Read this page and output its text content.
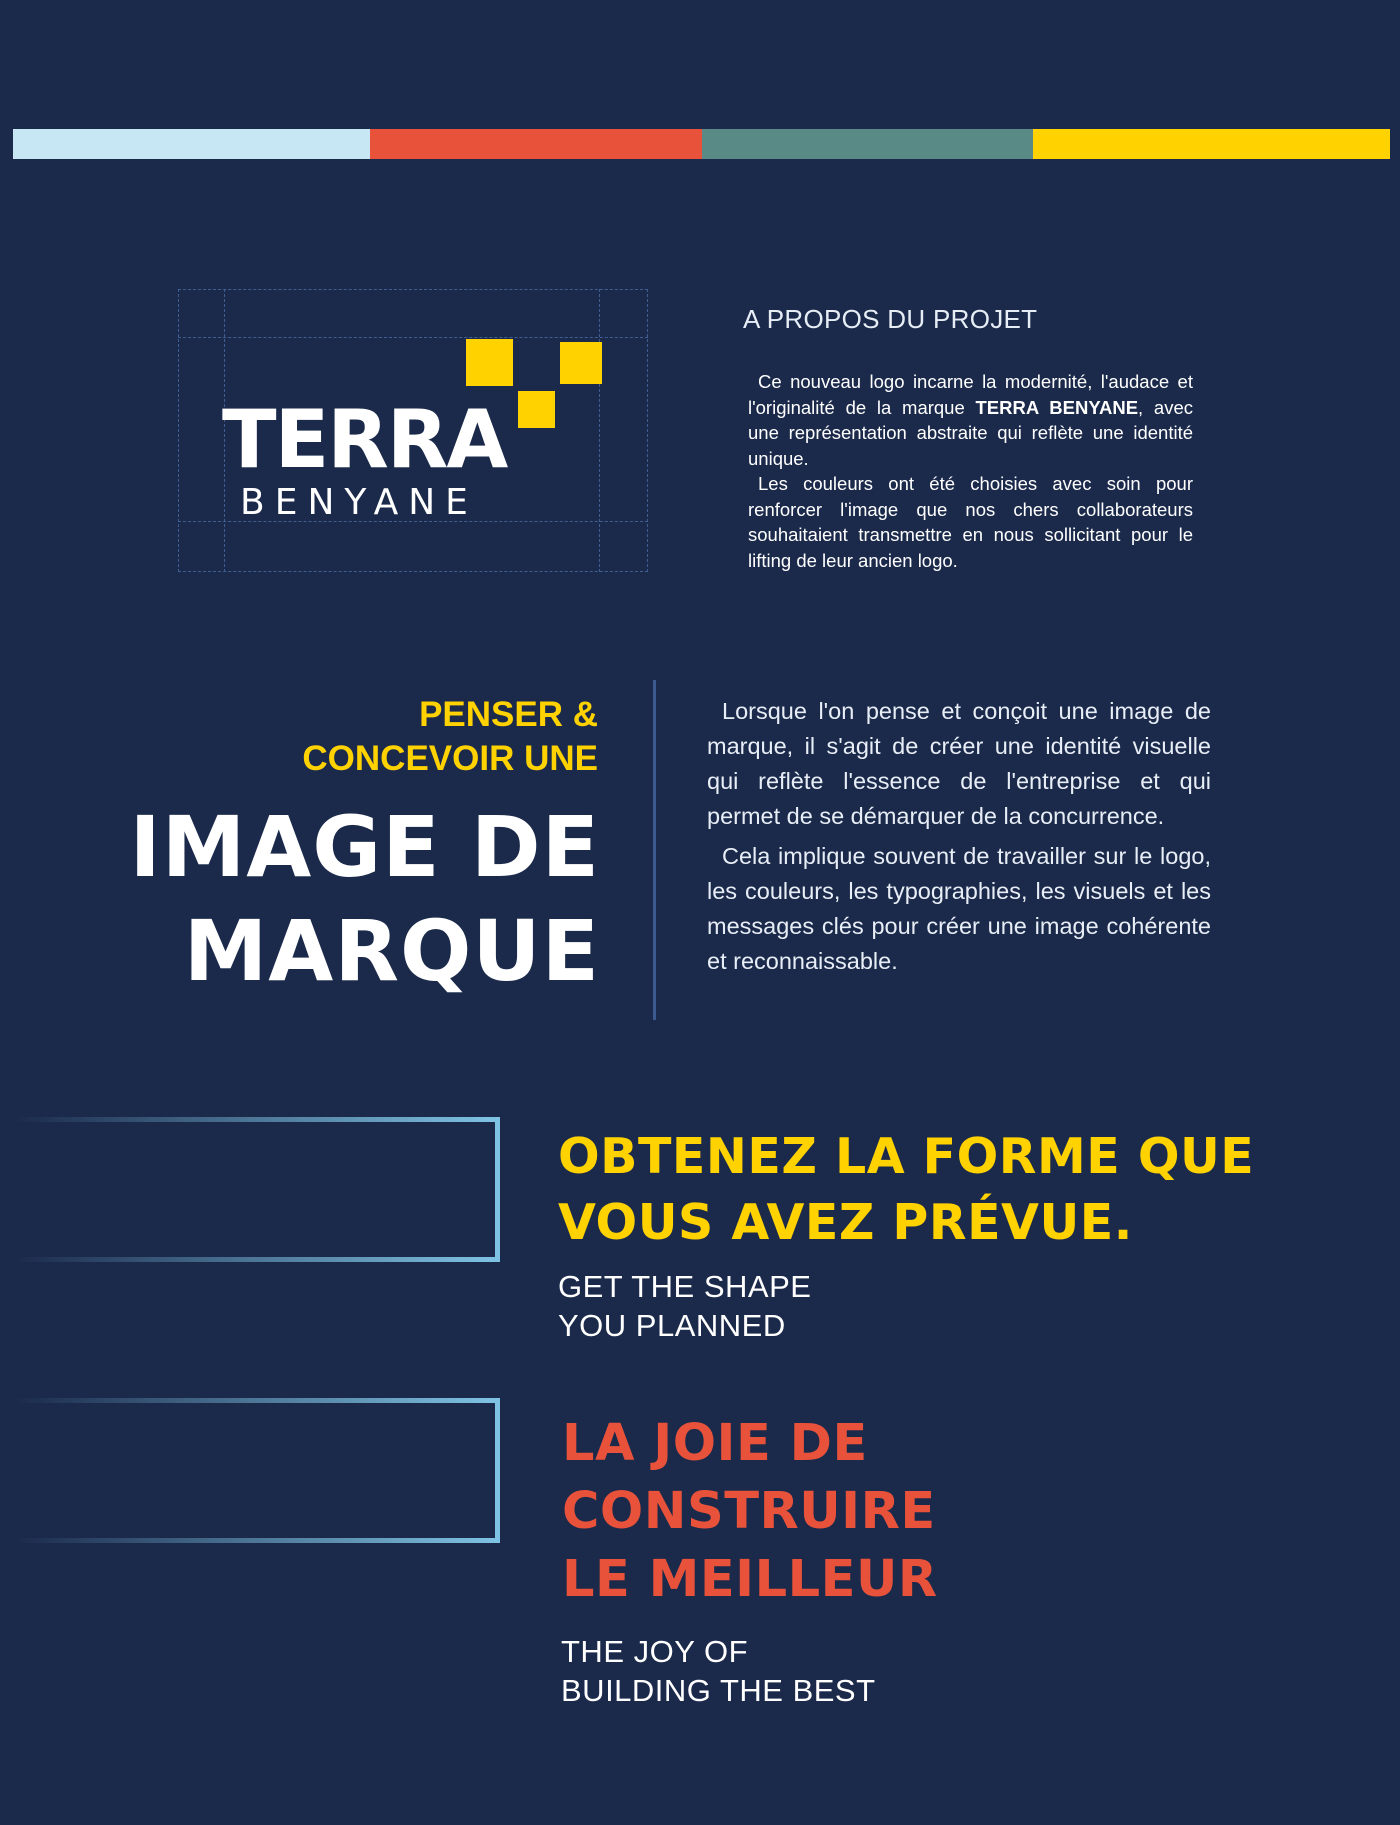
TERRA
BENYANE
A PROPOS DU PROJET

Ce nouveau logo incarne la modernité, l'audace et l'originalité de la marque TERRA BENYANE, avec une représentation abstraite qui reflète une identité unique.

Les couleurs ont été choisies avec soin pour renforcer l'image que nos chers collaborateurs souhaitaient transmettre en nous sollicitant pour le lifting de leur ancien logo.

PENSER &
CONCEVOIR UNE
IMAGE DE
MARQUE

Lorsque l'on pense et conçoit une image de marque, il s'agit de créer une identité visuelle qui reflète l'essence de l'entreprise et qui permet de se démarquer de la concurrence.

Cela implique souvent de travailler sur le logo, les couleurs, les typographies, les visuels et les messages clés pour créer une image cohérente et reconnaissable.

OBTENEZ LA FORME QUE
VOUS AVEZ PRÉVUE.
GET THE SHAPE
YOU PLANNED
LA JOIE DE
CONSTRUIRE
LE MEILLEUR
THE JOY OF
BUILDING THE BEST
